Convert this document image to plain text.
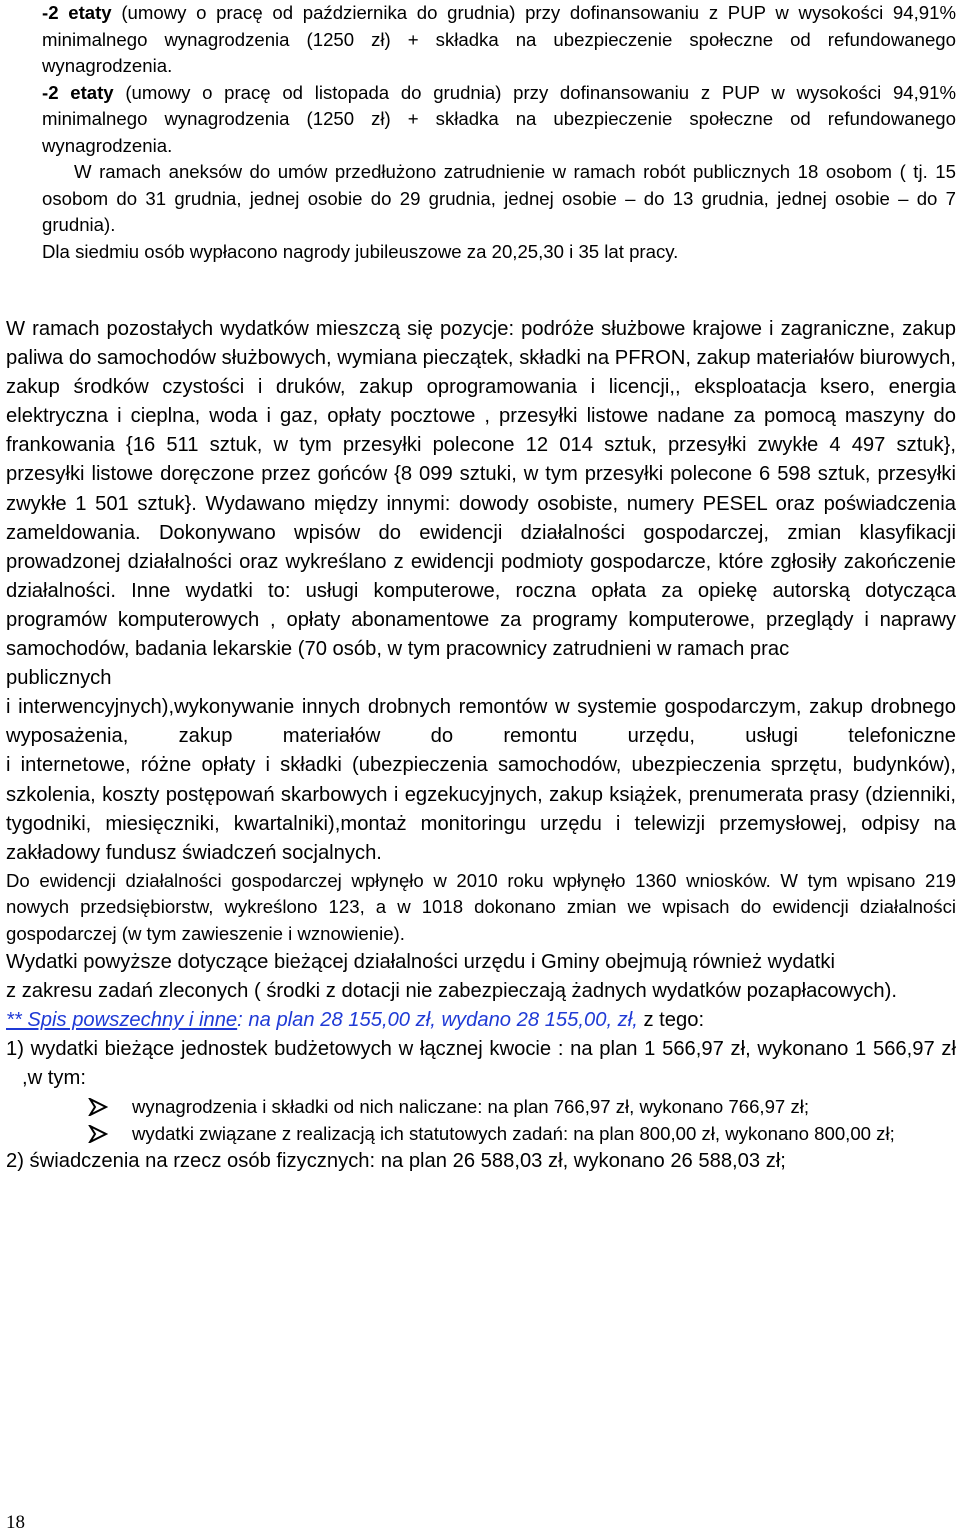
-2 etaty (umowy o pracę od października do grudnia) przy dofinansowaniu z PUP w wysokości 94,91% minimalnego wynagrodzenia (1250 zł) + składka na ubezpieczenie społeczne od refundowanego wynagrodzenia.

-2 etaty (umowy o pracę od listopada do grudnia) przy dofinansowaniu z PUP w wysokości 94,91% minimalnego wynagrodzenia (1250 zł) + składka na ubezpieczenie społeczne od refundowanego wynagrodzenia.

W ramach aneksów do umów przedłużono zatrudnienie w ramach robót publicznych 18 osobom ( tj. 15 osobom do 31 grudnia, jednej osobie do 29 grudnia, jednej osobie – do 13 grudnia, jednej osobie – do 7 grudnia).

Dla siedmiu osób wypłacono nagrody jubileuszowe za 20,25,30 i 35 lat pracy.

W ramach pozostałych wydatków mieszczą się pozycje: podróże służbowe krajowe i zagraniczne, zakup paliwa do samochodów służbowych, wymiana pieczątek, składki na PFRON, zakup materiałów biurowych, zakup środków czystości i druków, zakup oprogramowania i licencji,, eksploatacja ksero, energia elektryczna i cieplna, woda i gaz, opłaty pocztowe , przesyłki listowe nadane za pomocą maszyny do frankowania {16 511 sztuk, w tym przesyłki polecone 12 014 sztuk, przesyłki zwykłe 4 497 sztuk}, przesyłki listowe doręczone przez gońców {8 099 sztuki, w tym przesyłki polecone 6 598 sztuk, przesyłki zwykłe 1 501 sztuk}. Wydawano między innymi: dowody osobiste, numery PESEL oraz poświadczenia zameldowania. Dokonywano wpisów do ewidencji działalności gospodarczej, zmian klasyfikacji prowadzonej działalności oraz wykreślano z ewidencji podmioty gospodarcze, które zgłosiły zakończenie działalności. Inne wydatki to: usługi komputerowe, roczna opłata za opiekę autorską dotycząca programów komputerowych , opłaty abonamentowe za programy komputerowe, przeglądy i naprawy samochodów, badania lekarskie (70 osób, w tym pracownicy zatrudnieni w ramach prac

publicznych

i interwencyjnych),wykonywanie innych drobnych remontów w systemie gospodarczym, zakup drobnego wyposażenia, zakup materiałów do remontu urzędu, usługi telefoniczne

i internetowe, różne opłaty i składki (ubezpieczenia samochodów, ubezpieczenia sprzętu, budynków), szkolenia, koszty postępowań skarbowych i egzekucyjnych, zakup książek, prenumerata prasy (dzienniki, tygodniki, miesięczniki, kwartalniki),montaż monitoringu urzędu i telewizji przemysłowej, odpisy na zakładowy fundusz świadczeń socjalnych.

Do ewidencji działalności gospodarczej wpłynęło w 2010 roku wpłynęło 1360 wniosków. W tym wpisano 219 nowych przedsiębiorstw, wykreślono 123, a w 1018 dokonano zmian we wpisach do ewidencji działalności gospodarczej (w tym zawieszenie i wznowienie).

Wydatki powyższe dotyczące bieżącej działalności urzędu i Gminy obejmują również wydatki

z zakresu zadań zleconych ( środki z dotacji nie zabezpieczają żadnych wydatków pozapłacowych).

** Spis powszechny i inne: na plan 28 155,00 zł, wydano 28 155,00, zł, z tego:

1) wydatki bieżące jednostek budżetowych w łącznej kwocie : na plan 1 566,97 zł, wykonano 1 566,97 zł ,w tym:

wynagrodzenia i składki od nich naliczane: na plan 766,97 zł, wykonano 766,97 zł;

wydatki związane z realizacją ich statutowych zadań: na plan 800,00 zł, wykonano 800,00 zł;

2) świadczenia na rzecz osób fizycznych: na plan 26 588,03 zł, wykonano 26 588,03 zł;

18
